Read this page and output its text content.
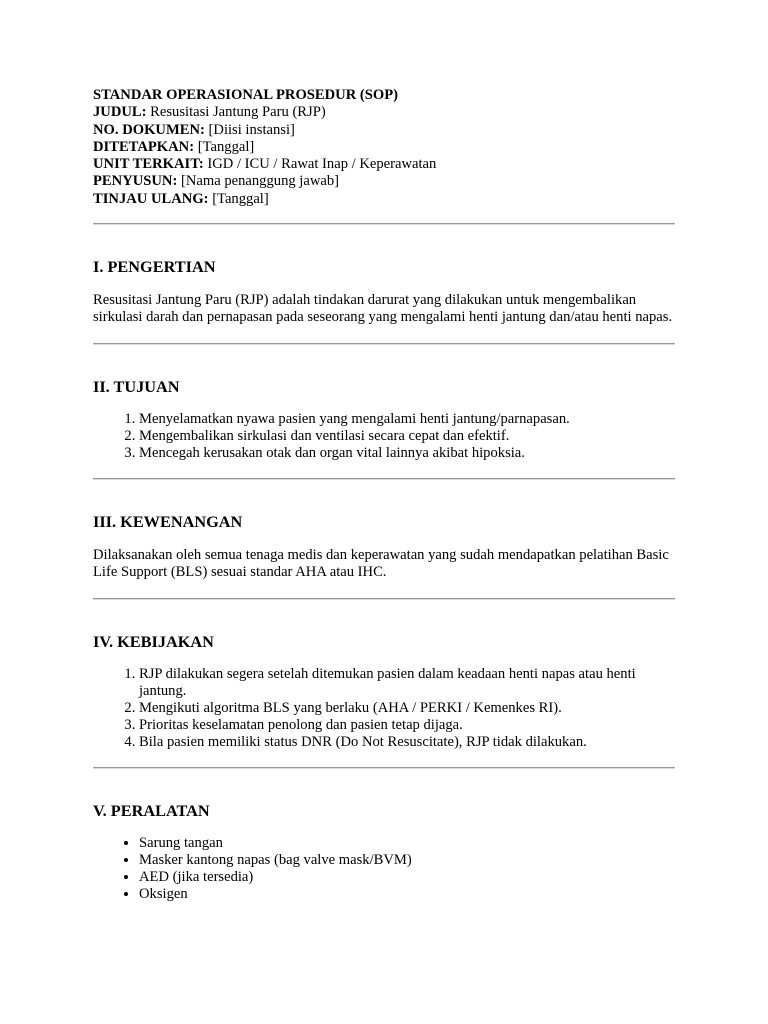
STANDAR OPERASIONAL PROSEDUR (SOP)
JUDUL: Resusitasi Jantung Paru (RJP)
NO. DOKUMEN: [Diisi instansi]
DITETAPKAN: [Tanggal]
UNIT TERKAIT: IGD / ICU / Rawat Inap / Keperawatan
PENYUSUN: [Nama penanggung jawab]
TINJAU ULANG: [Tanggal]
I. PENGERTIAN

Resusitasi Jantung Paru (RJP) adalah tindakan darurat yang dilakukan untuk mengembalikan sirkulasi darah dan pernapasan pada seseorang yang mengalami henti jantung dan/atau henti napas.

II. TUJUAN
1. Menyelamatkan nyawa pasien yang mengalami henti jantung/parnapasan.
2. Mengembalikan sirkulasi dan ventilasi secara cepat dan efektif.
3. Mencegah kerusakan otak dan organ vital lainnya akibat hipoksia.
III. KEWENANGAN

Dilaksanakan oleh semua tenaga medis dan keperawatan yang sudah mendapatkan pelatihan Basic Life Support (BLS) sesuai standar AHA atau IHC.

IV. KEBIJAKAN
1. RJP dilakukan segera setelah ditemukan pasien dalam keadaan henti napas atau henti jantung.
2. Mengikuti algoritma BLS yang berlaku (AHA / PERKI / Kemenkes RI).
3. Prioritas keselamatan penolong dan pasien tetap dijaga.
4. Bila pasien memiliki status DNR (Do Not Resuscitate), RJP tidak dilakukan.
V. PERALATAN
• Sarung tangan
• Masker kantong napas (bag valve mask/BVM)
• AED (jika tersedia)
• Oksigen
